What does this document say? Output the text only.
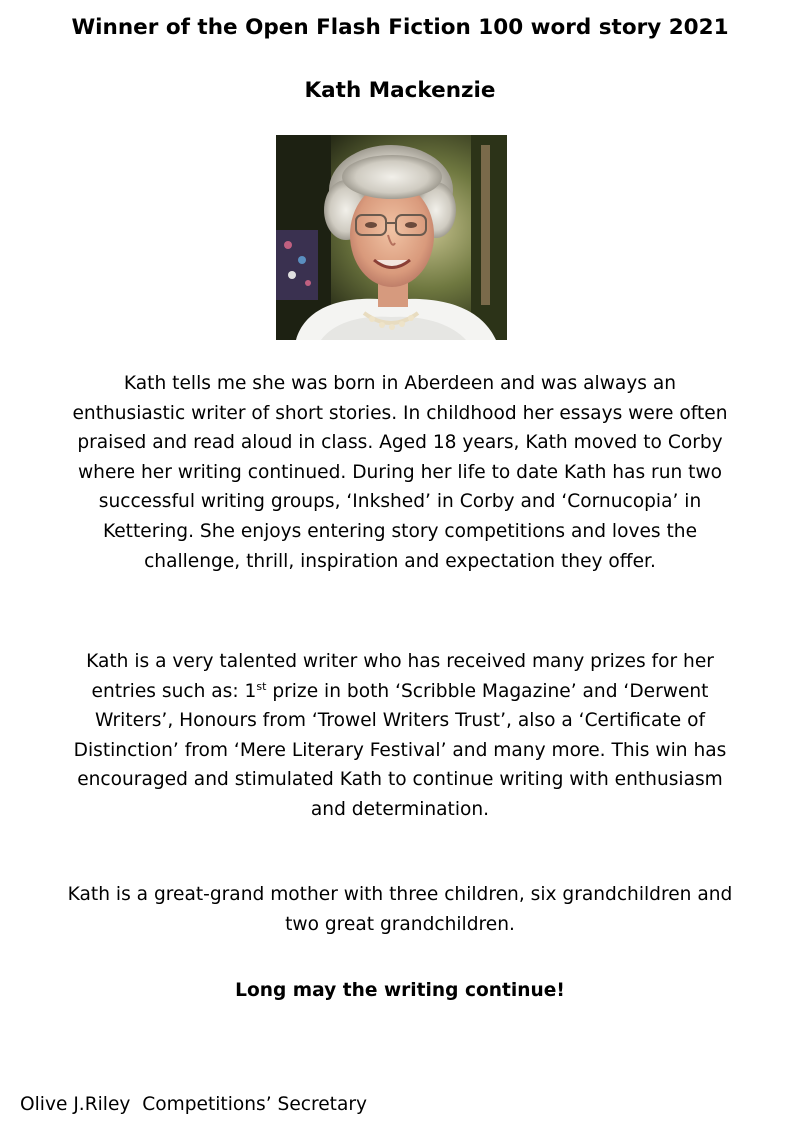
Winner of the Open Flash Fiction 100 word story 2021
Kath Mackenzie
Kath tells me she was born in Aberdeen and was always an
enthusiastic writer of short stories. In childhood her essays were often
praised and read aloud in class. Aged 18 years, Kath moved to Corby
where her writing continued. During her life to date Kath has run two
successful writing groups, ‘Inkshed’ in Corby and ‘Cornucopia’ in
Kettering. She enjoys entering story competitions and loves the
challenge, thrill, inspiration and expectation they offer.
Kath is a very talented writer who has received many prizes for her
entries such as: 1st prize in both ‘Scribble Magazine’ and ‘Derwent
Writers’, Honours from ‘Trowel Writers Trust’, also a ‘Certificate of
Distinction’ from ‘Mere Literary Festival’ and many more. This win has
encouraged and stimulated Kath to continue writing with enthusiasm
and determination.
Kath is a great-grand mother with three children, six grandchildren and
two great grandchildren.

Long may the writing continue!

Olive J.Riley  Competitions’ Secretary
